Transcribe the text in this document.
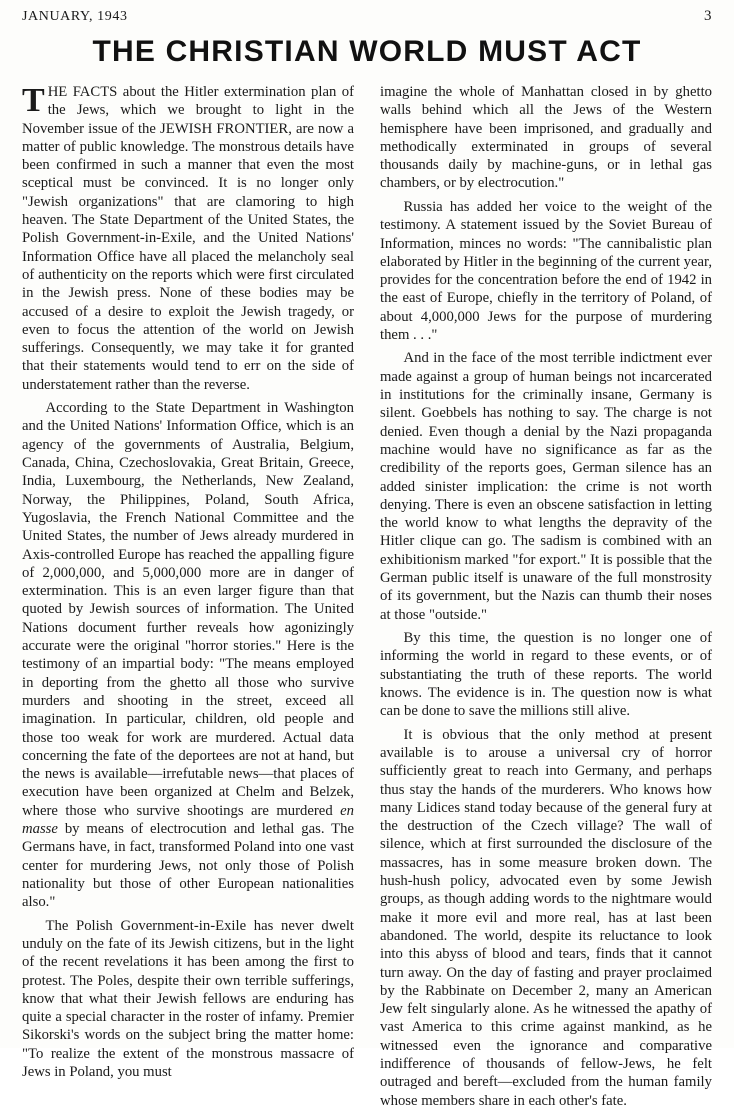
JANUARY, 1943	3
THE CHRISTIAN WORLD MUST ACT

THE FACTS about the Hitler extermination plan of the Jews, which we brought to light in the November issue of the JEWISH FRONTIER, are now a matter of public knowledge. The monstrous details have been confirmed in such a manner that even the most sceptical must be convinced. It is no longer only "Jewish organizations" that are clamoring to high heaven. The State Department of the United States, the Polish Government-in-Exile, and the United Nations' Information Office have all placed the melancholy seal of authenticity on the reports which were first circulated in the Jewish press. None of these bodies may be accused of a desire to exploit the Jewish tragedy, or even to focus the attention of the world on Jewish sufferings. Consequently, we may take it for granted that their statements would tend to err on the side of understatement rather than the reverse.

According to the State Department in Washington and the United Nations' Information Office, which is an agency of the governments of Australia, Belgium, Canada, China, Czechoslovakia, Great Britain, Greece, India, Luxembourg, the Netherlands, New Zealand, Norway, the Philippines, Poland, South Africa, Yugoslavia, the French National Committee and the United States, the number of Jews already murdered in Axis-controlled Europe has reached the appalling figure of 2,000,000, and 5,000,000 more are in danger of extermination. This is an even larger figure than that quoted by Jewish sources of information. The United Nations document further reveals how agonizingly accurate were the original "horror stories." Here is the testimony of an impartial body: "The means employed in deporting from the ghetto all those who survive murders and shooting in the street, exceed all imagination. In particular, children, old people and those too weak for work are murdered. Actual data concerning the fate of the deportees are not at hand, but the news is available—irrefutable news—that places of execution have been organized at Chelm and Belzek, where those who survive shootings are murdered en masse by means of electrocution and lethal gas. The Germans have, in fact, transformed Poland into one vast center for murdering Jews, not only those of Polish nationality but those of other European nationalities also."

The Polish Government-in-Exile has never dwelt unduly on the fate of its Jewish citizens, but in the light of the recent revelations it has been among the first to protest. The Poles, despite their own terrible sufferings, know that what their Jewish fellows are enduring has quite a special character in the roster of infamy. Premier Sikorski's words on the subject bring the matter home: "To realize the extent of the monstrous massacre of Jews in Poland, you must

imagine the whole of Manhattan closed in by ghetto walls behind which all the Jews of the Western hemisphere have been imprisoned, and gradually and methodically exterminated in groups of several thousands daily by machine-guns, or in lethal gas chambers, or by electrocution."

Russia has added her voice to the weight of the testimony. A statement issued by the Soviet Bureau of Information, minces no words: "The cannibalistic plan elaborated by Hitler in the beginning of the current year, provides for the concentration before the end of 1942 in the east of Europe, chiefly in the territory of Poland, of about 4,000,000 Jews for the purpose of murdering them . . ."

And in the face of the most terrible indictment ever made against a group of human beings not incarcerated in institutions for the criminally insane, Germany is silent. Goebbels has nothing to say. The charge is not denied. Even though a denial by the Nazi propaganda machine would have no significance as far as the credibility of the reports goes, German silence has an added sinister implication: the crime is not worth denying. There is even an obscene satisfaction in letting the world know to what lengths the depravity of the Hitler clique can go. The sadism is combined with an exhibitionism marked "for export." It is possible that the German public itself is unaware of the full monstrosity of its government, but the Nazis can thumb their noses at those "outside."

By this time, the question is no longer one of informing the world in regard to these events, or of substantiating the truth of these reports. The world knows. The evidence is in. The question now is what can be done to save the millions still alive.

It is obvious that the only method at present available is to arouse a universal cry of horror sufficiently great to reach into Germany, and perhaps thus stay the hands of the murderers. Who knows how many Lidices stand today because of the general fury at the destruction of the Czech village? The wall of silence, which at first surrounded the disclosure of the massacres, has in some measure broken down. The hush-hush policy, advocated even by some Jewish groups, as though adding words to the nightmare would make it more evil and more real, has at last been abandoned. The world, despite its reluctance to look into this abyss of blood and tears, finds that it cannot turn away. On the day of fasting and prayer proclaimed by the Rabbinate on December 2, many an American Jew felt singularly alone. As he witnessed the apathy of vast America to this crime against mankind, as he witnessed even the ignorance and comparative indifference of thousands of fellow-Jews, he felt outraged and bereft—excluded from the human family whose members share in each other's fate.
